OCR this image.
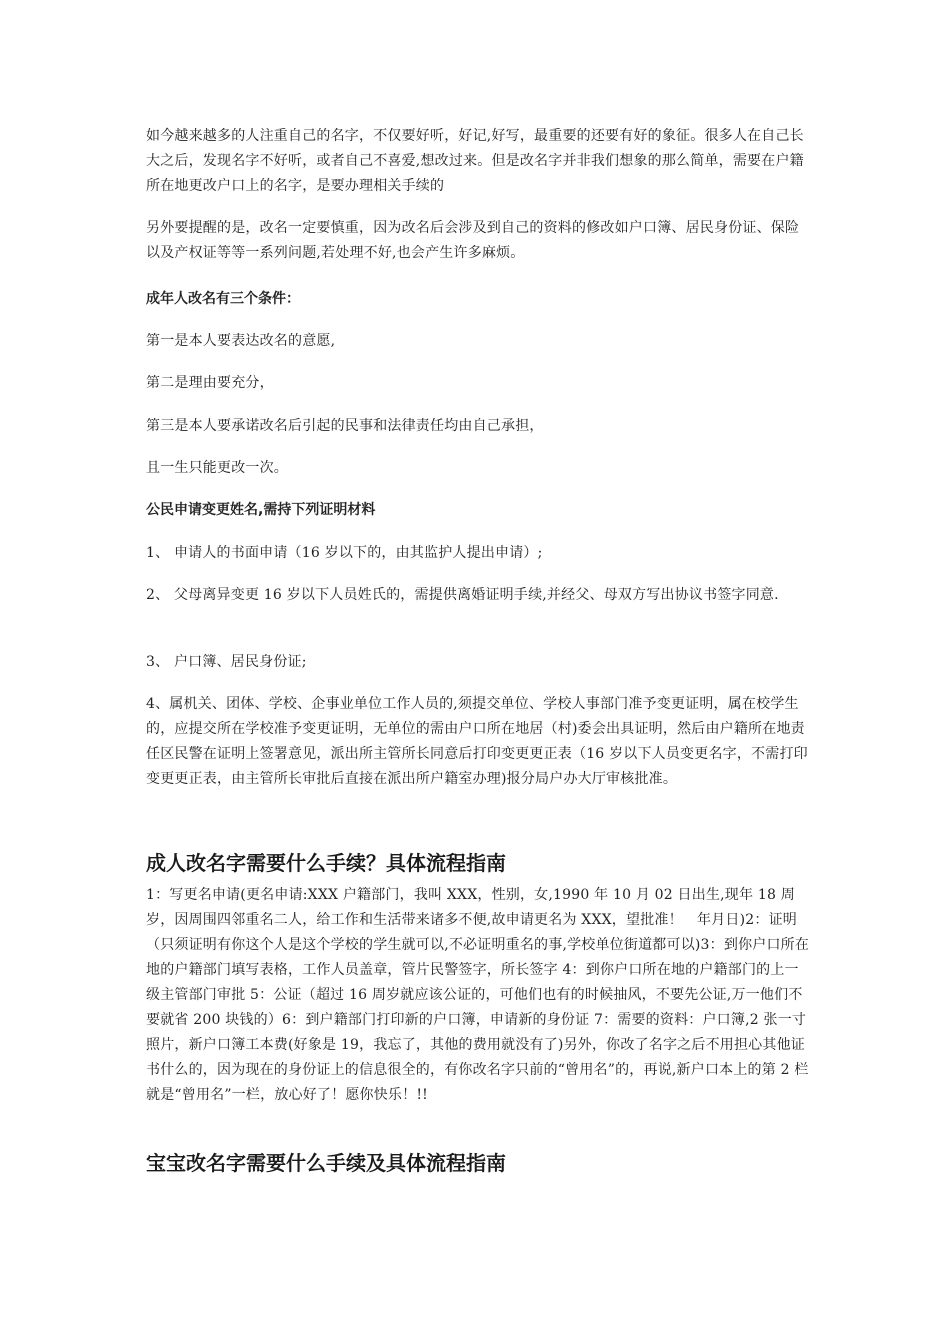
如今越来越多的人注重自己的名字，不仅要好听，好记,好写，最重要的还要有好的象征。很多人在自己长大之后，发现名字不好听，或者自己不喜爱,想改过来。但是改名字并非我们想象的那么简单，需要在户籍所在地更改户口上的名字，是要办理相关手续的

另外要提醒的是，改名一定要慎重，因为改名后会涉及到自己的资料的修改如户口簿、居民身份证、保险以及产权证等等一系列问题,若处理不好,也会产生许多麻烦。

成年人改名有三个条件：

第一是本人要表达改名的意愿,

第二是理由要充分，

第三是本人要承诺改名后引起的民事和法律责任均由自己承担，

且一生只能更改一次。

公民申请变更姓名,需持下列证明材料

1、 申请人的书面申请（16 岁以下的，由其监护人提出申请）;

2、 父母离异变更 16 岁以下人员姓氏的，需提供离婚证明手续,并经父、母双方写出协议书签字同意.

3、 户口簿、居民身份证;

4、属机关、团体、学校、企事业单位工作人员的,须提交单位、学校人事部门准予变更证明，属在校学生的，应提交所在学校准予变更证明，无单位的需由户口所在地居（村)委会出具证明，然后由户籍所在地责任区民警在证明上签署意见，派出所主管所长同意后打印变更更正表（16 岁以下人员变更名字，不需打印变更更正表，由主管所长审批后直接在派出所户籍室办理)报分局户办大厅审核批准。

成人改名字需要什么手续？具体流程指南

1：写更名申请(更名申请:XXX 户籍部门，我叫 XXX，性别，女,1990 年 10 月 02 日出生,现年 18 周岁，因周围四邻重名二人，给工作和生活带来诸多不便,故申请更名为 XXX，望批准！　年月日)2：证明（只须证明有你这个人是这个学校的学生就可以,不必证明重名的事,学校单位街道都可以)3：到你户口所在地的户籍部门填写表格，工作人员盖章，管片民警签字，所长签字 4：到你户口所在地的户籍部门的上一级主管部门审批 5：公证（超过 16 周岁就应该公证的，可他们也有的时候抽风，不要先公证,万一他们不要就省 200 块钱的）6：到户籍部门打印新的户口簿，申请新的身份证 7：需要的资料：户口簿,2 张一寸照片，新户口簿工本费(好象是 19，我忘了，其他的费用就没有了)另外，你改了名字之后不用担心其他证书什么的，因为现在的身份证上的信息很全的，有你改名字只前的“曾用名”的，再说,新户口本上的第 2 栏就是“曾用名”一栏，放心好了！愿你快乐！!!

宝宝改名字需要什么手续及具体流程指南
